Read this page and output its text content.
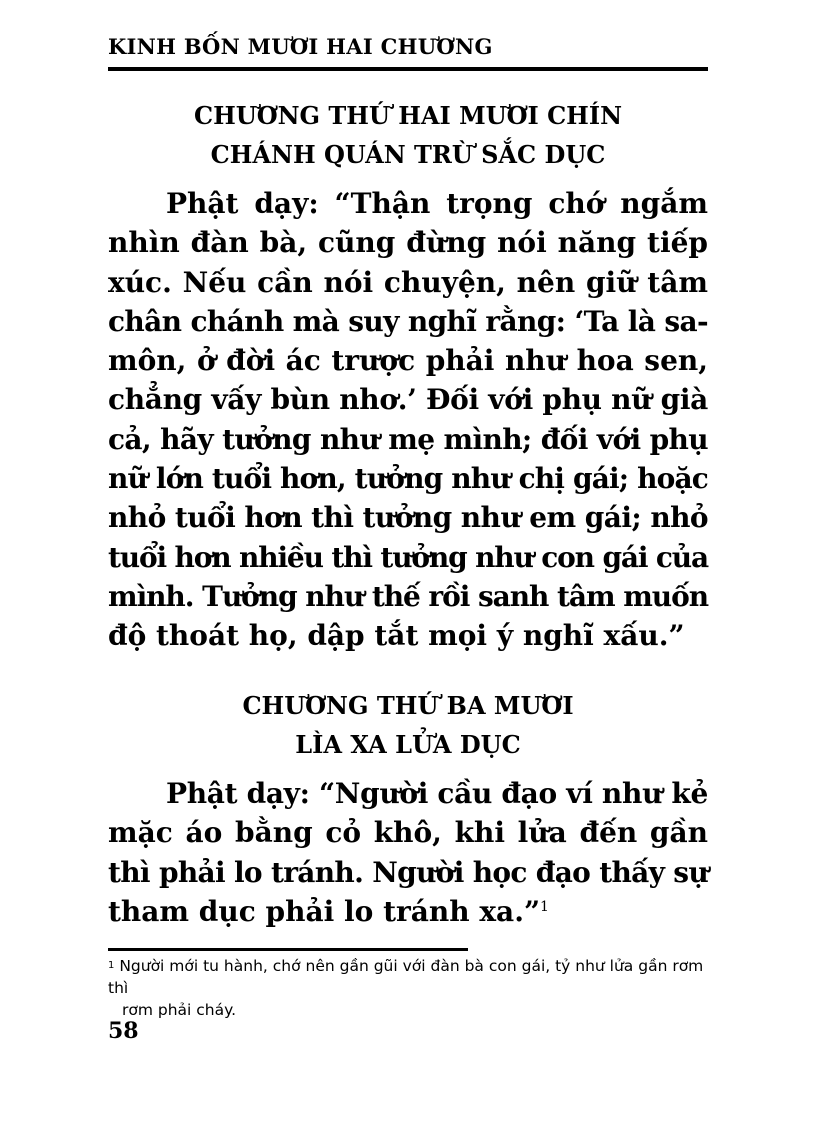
KINH BỐN MƯƠI HAI CHƯƠNG
CHƯƠNG THỨ HAI MƯƠI CHÍN
CHÁNH QUÁN TRỪ SẮC DỤC
Phật dạy: “Thận trọng chớ ngắm
nhìn đàn bà, cũng đừng nói năng tiếp
xúc. Nếu cần nói chuyện, nên giữ tâm
chân chánh mà suy nghĩ rằng: ‘Ta là sa-
môn, ở đời ác trược phải như hoa sen,
chẳng vấy bùn nhơ.’ Đối với phụ nữ già
cả, hãy tưởng như mẹ mình; đối với phụ
nữ lớn tuổi hơn, tưởng như chị gái; hoặc
nhỏ tuổi hơn thì tưởng như em gái; nhỏ
tuổi hơn nhiều thì tưởng như con gái của
mình. Tưởng như thế rồi sanh tâm muốn
độ thoát họ, dập tắt mọi ý nghĩ xấu.”
CHƯƠNG THỨ BA MƯƠI
LÌA XA LỬA DỤC
Phật dạy: “Người cầu đạo ví như kẻ
mặc áo bằng cỏ khô, khi lửa đến gần
thì phải lo tránh. Người học đạo thấy sự
tham dục phải lo tránh xa.”$^1$
$^1$ Người mới tu hành, chớ nên gần gũi với đàn bà con gái, tỷ như lửa gần rơm thì
rơm phải cháy.
58
